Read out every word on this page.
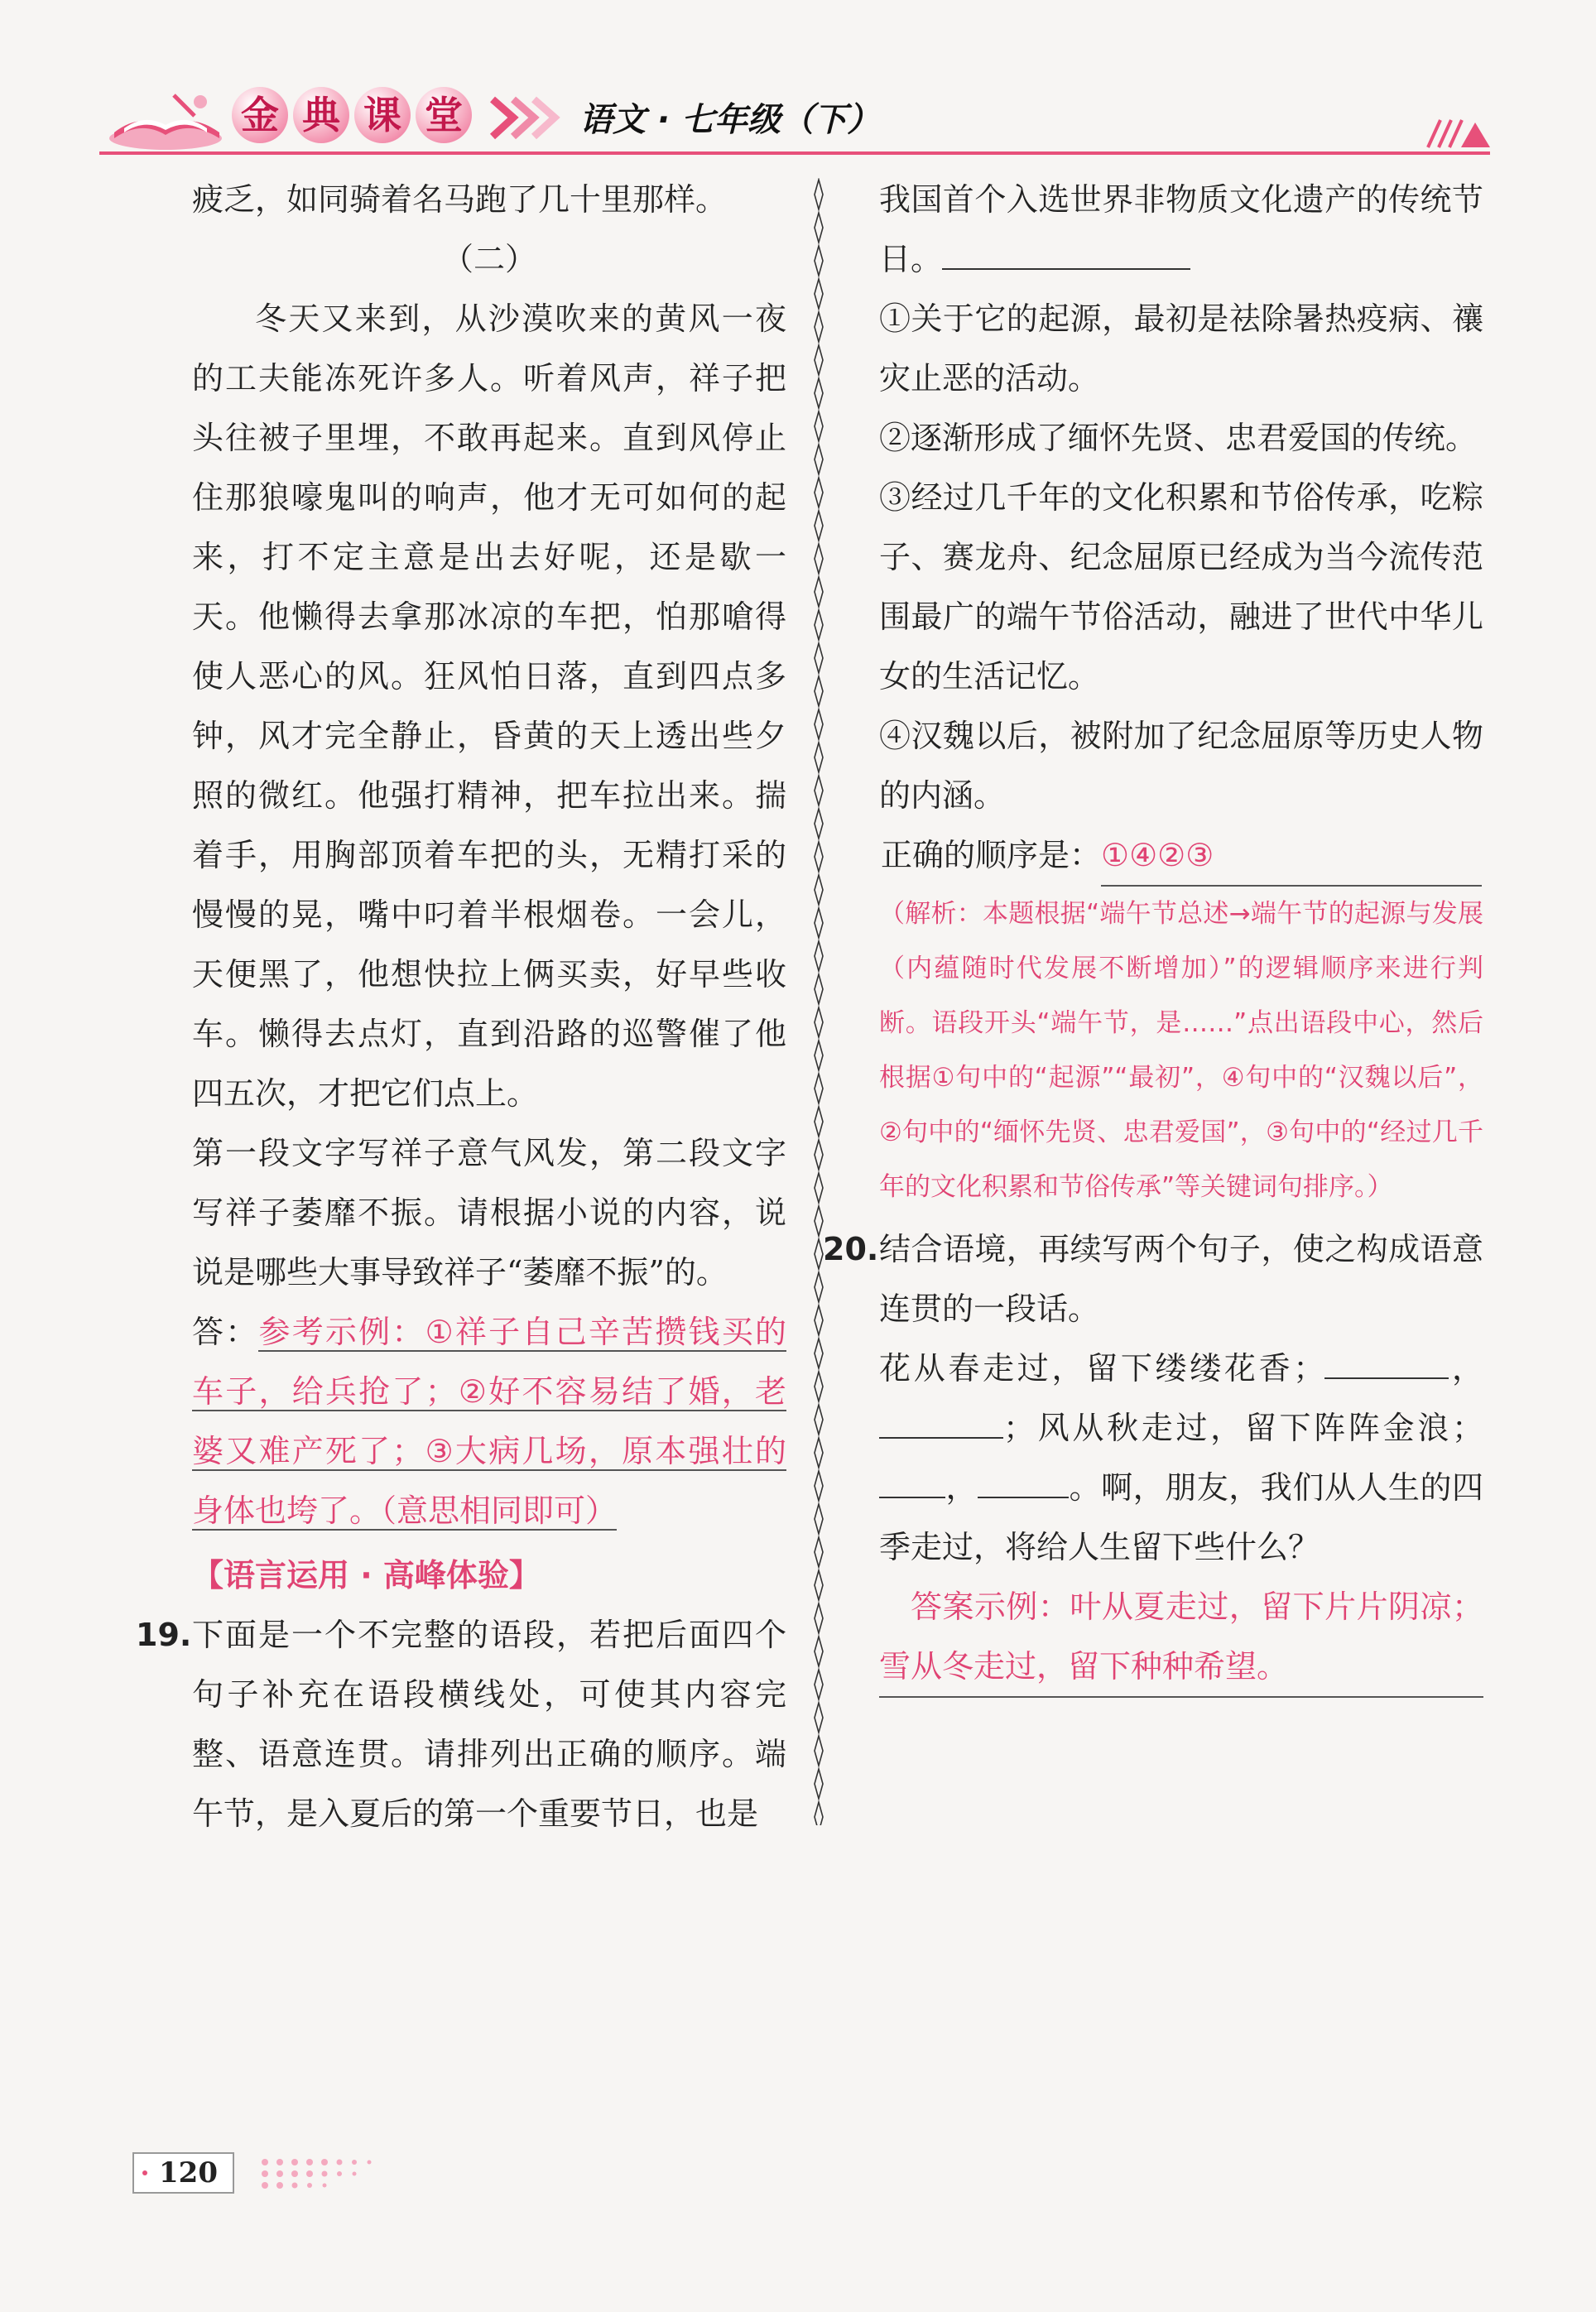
金 典 课 堂	语文 · 七年级（下）

疲乏，如同骑着名马跑了几十里那样。

（二）

冬天又来到，从沙漠吹来的黄风一夜的工夫能冻死许多人。听着风声，祥子把头往被子里埋，不敢再起来。直到风停止住那狼嚎鬼叫的响声，他才无可如何的起来，打不定主意是出去好呢，还是歇一天。他懒得去拿那冰凉的车把，怕那嗆得使人恶心的风。狂风怕日落，直到四点多钟，风才完全静止，昏黄的天上透出些夕照的微红。他强打精神，把车拉出来。揣着手，用胸部顶着车把的头，无精打采的慢慢的晃，嘴中叼着半根烟卷。一会儿，天便黑了，他想快拉上俩买卖，好早些收车。懒得去点灯，直到沿路的巡警催了他四五次，才把它们点上。

第一段文字写祥子意气风发，第二段文字写祥子萎靡不振。请根据小说的内容，说说是哪些大事导致祥子“萎靡不振”的。

答：参考示例：①祥子自己辛苦攒钱买的车子，给兵抢了；②好不容易结了婚，老婆又难产死了；③大病几场，原本强壮的身体也垮了。（意思相同即可）

【语言运用 · 高峰体验】

19. 下面是一个不完整的语段，若把后面四个句子补充在语段横线处，可使其内容完整、语意连贯。请排列出正确的顺序。端午节，是入夏后的第一个重要节日，也是

我国首个入选世界非物质文化遗产的传统节日。

①关于它的起源，最初是祛除暑热疫病、禳灾止恶的活动。

②逐渐形成了缅怀先贤、忠君爱国的传统。

③经过几千年的文化积累和节俗传承，吃粽子、赛龙舟、纪念屈原已经成为当今流传范围最广的端午节俗活动，融进了世代中华儿女的生活记忆。

④汉魏以后，被附加了纪念屈原等历史人物的内涵。

正确的顺序是：①④②③

（解析：本题根据“端午节总述→端午节的起源与发展（内蕴随时代发展不断增加）”的逻辑顺序来进行判断。语段开头“端午节，是……”点出语段中心，然后根据①句中的“起源”“最初”，④句中的“汉魏以后”，②句中的“缅怀先贤、忠君爱国”，③句中的“经过几千年的文化积累和节俗传承”等关键词句排序。）

20. 结合语境，再续写两个句子，使之构成语意连贯的一段话。

花从春走过，留下缕缕花香；	，；风从秋走过，留下阵阵金浪；，	。啊，朋友，我们从人生的四季走过，将给人生留下些什么？

答案示例：叶从夏走过，留下片片阴凉；雪从冬走过，留下种种希望。

120
